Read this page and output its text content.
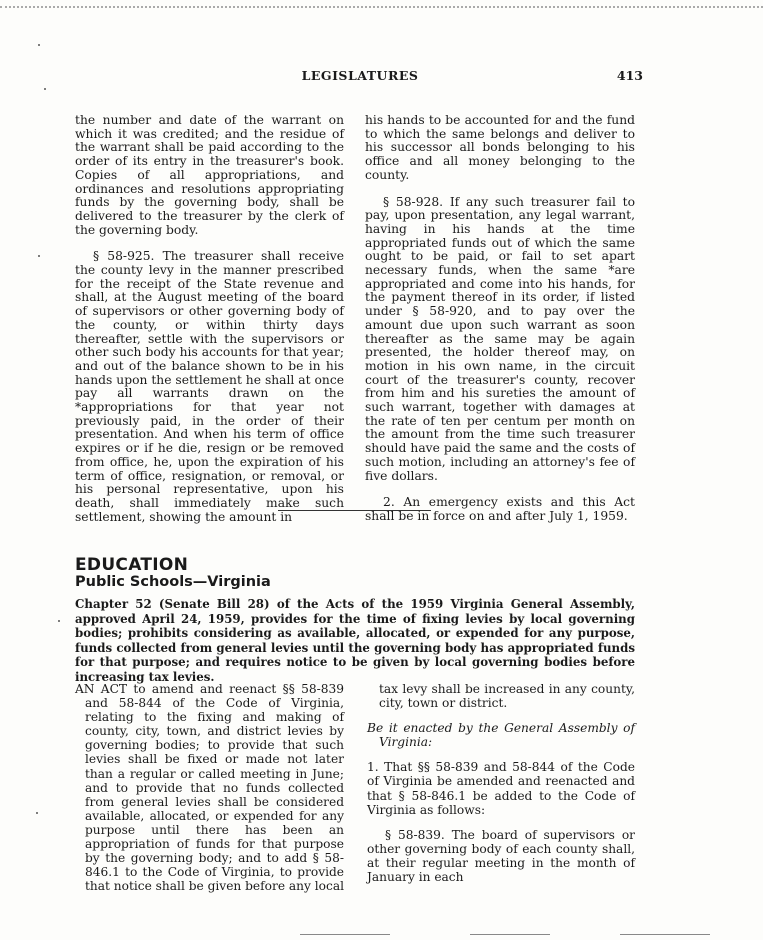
LEGISLATURES	413

the number and date of the warrant on which it was credited; and the residue of the warrant shall be paid according to the order of its entry in the treasurer's book. Copies of all appropriations, and ordinances and resolutions appropriating funds by the governing body, shall be delivered to the treasurer by the clerk of the governing body.

§ 58-925. The treasurer shall receive the county levy in the manner prescribed for the receipt of the State revenue and shall, at the August meeting of the board of supervisors or other governing body of the county, or within thirty days thereafter, settle with the supervisors or other such body his accounts for that year; and out of the balance shown to be in his hands upon the settlement he shall at once pay all warrants drawn on the *appropriations for that year not previously paid, in the order of their presentation. And when his term of office expires or if he die, resign or be removed from office, he, upon the expiration of his term of office, resignation, or removal, or his personal representative, upon his death, shall immediately make such settlement, showing the amount in

his hands to be accounted for and the fund to which the same belongs and deliver to his successor all bonds belonging to his office and all money belonging to the county.

§ 58-928. If any such treasurer fail to pay, upon presentation, any legal warrant, having in his hands at the time appropriated funds out of which the same ought to be paid, or fail to set apart necessary funds, when the same *are appropriated and come into his hands, for the payment thereof in its order, if listed under § 58-920, and to pay over the amount due upon such warrant as soon thereafter as the same may be again presented, the holder thereof may, on motion in his own name, in the circuit court of the treasurer's county, recover from him and his sureties the amount of such warrant, together with damages at the rate of ten per centum per month on the amount from the time such treasurer should have paid the same and the costs of such motion, including an attorney's fee of five dollars.

2. An emergency exists and this Act shall be in force on and after July 1, 1959.

EDUCATION
Public Schools—Virginia
Chapter 52 (Senate Bill 28) of the Acts of the 1959 Virginia General Assembly, approved April 24, 1959, provides for the time of fixing levies by local governing bodies; prohibits considering as available, allocated, or expended for any purpose, funds collected from general levies until the governing body has appropriated funds for that purpose; and requires notice to be given by local governing bodies before increasing tax levies.

AN ACT to amend and reenact §§ 58-839 and 58-844 of the Code of Virginia, relating to the fixing and making of county, city, town, and district levies by governing bodies; to provide that such levies shall be fixed or made not later than a regular or called meeting in June; and to provide that no funds collected from general levies shall be considered available, allocated, or expended for any purpose until there has been an appropriation of funds for that purpose by the governing body; and to add § 58-846.1 to the Code of Virginia, to provide that notice shall be given before any local

tax levy shall be increased in any county, city, town or district.

Be it enacted by the General Assembly of Virginia:

1. That §§ 58-839 and 58-844 of the Code of Virginia be amended and reenacted and that § 58-846.1 be added to the Code of Virginia as follows:

§ 58-839. The board of supervisors or other governing body of each county shall, at their regular meeting in the month of January in each
